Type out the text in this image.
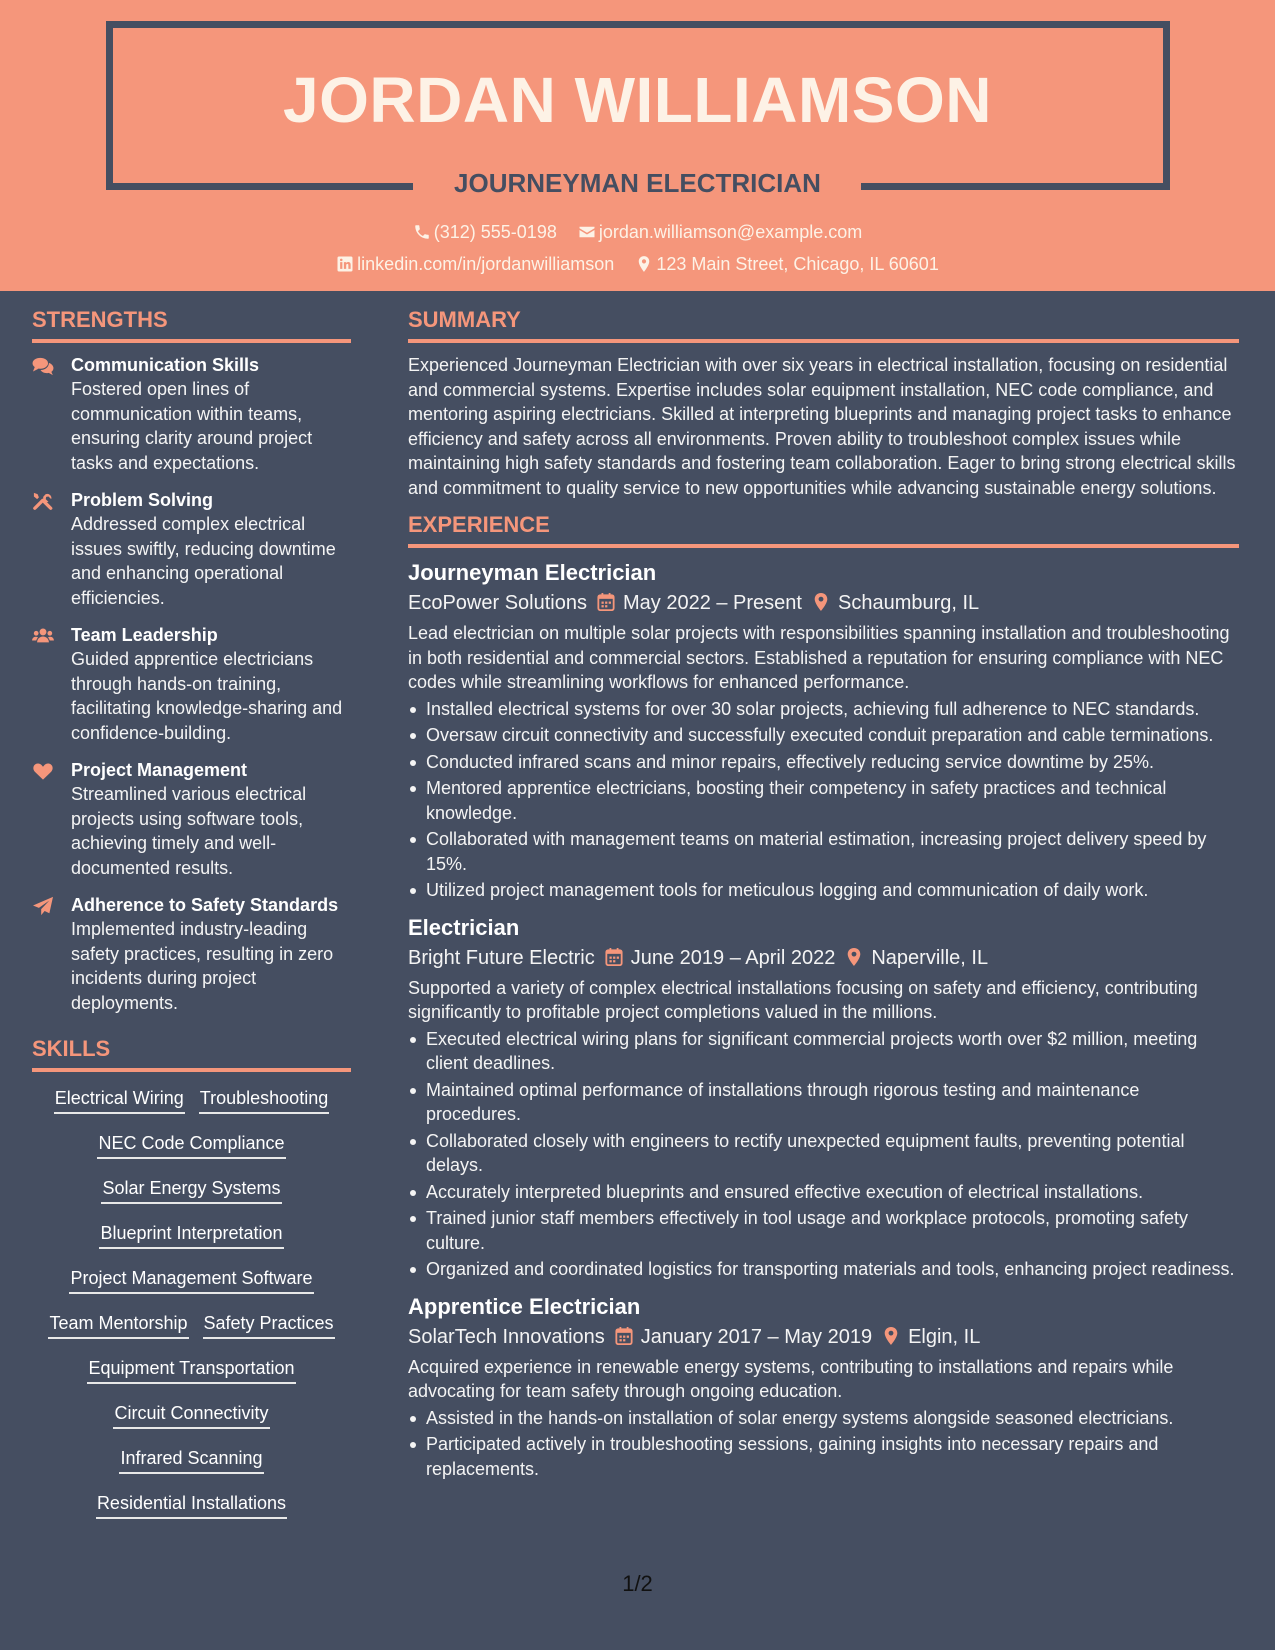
JORDAN WILLIAMSON
JOURNEYMAN ELECTRICIAN
(312) 555-0198 jordan.williamson@example.com
linkedin.com/in/jordanwilliamson 123 Main Street, Chicago, IL 60601
STRENGTHS
Communication Skills
Fostered open lines of communication within teams, ensuring clarity around project tasks and expectations.
Problem Solving
Addressed complex electrical issues swiftly, reducing downtime and enhancing operational efficiencies.
Team Leadership
Guided apprentice electricians through hands-on training, facilitating knowledge-sharing and confidence-building.
Project Management
Streamlined various electrical projects using software tools, achieving timely and well-documented results.
Adherence to Safety Standards
Implemented industry-leading safety practices, resulting in zero incidents during project deployments.
SKILLS
Electrical Wiring Troubleshooting
NEC Code Compliance
Solar Energy Systems
Blueprint Interpretation
Project Management Software
Team Mentorship Safety Practices
Equipment Transportation
Circuit Connectivity
Infrared Scanning
Residential Installations
SUMMARY
Experienced Journeyman Electrician with over six years in electrical installation, focusing on residential and commercial systems. Expertise includes solar equipment installation, NEC code compliance, and mentoring aspiring electricians. Skilled at interpreting blueprints and managing project tasks to enhance efficiency and safety across all environments. Proven ability to troubleshoot complex issues while maintaining high safety standards and fostering team collaboration. Eager to bring strong electrical skills and commitment to quality service to new opportunities while advancing sustainable energy solutions.
EXPERIENCE
Journeyman Electrician
EcoPower Solutions May 2022 – Present Schaumburg, IL
Lead electrician on multiple solar projects with responsibilities spanning installation and troubleshooting in both residential and commercial sectors. Established a reputation for ensuring compliance with NEC codes while streamlining workflows for enhanced performance.
Installed electrical systems for over 30 solar projects, achieving full adherence to NEC standards.
Oversaw circuit connectivity and successfully executed conduit preparation and cable terminations.
Conducted infrared scans and minor repairs, effectively reducing service downtime by 25%.
Mentored apprentice electricians, boosting their competency in safety practices and technical knowledge.
Collaborated with management teams on material estimation, increasing project delivery speed by 15%.
Utilized project management tools for meticulous logging and communication of daily work.
Electrician
Bright Future Electric June 2019 – April 2022 Naperville, IL
Supported a variety of complex electrical installations focusing on safety and efficiency, contributing significantly to profitable project completions valued in the millions.
Executed electrical wiring plans for significant commercial projects worth over $2 million, meeting client deadlines.
Maintained optimal performance of installations through rigorous testing and maintenance procedures.
Collaborated closely with engineers to rectify unexpected equipment faults, preventing potential delays.
Accurately interpreted blueprints and ensured effective execution of electrical installations.
Trained junior staff members effectively in tool usage and workplace protocols, promoting safety culture.
Organized and coordinated logistics for transporting materials and tools, enhancing project readiness.
Apprentice Electrician
SolarTech Innovations January 2017 – May 2019 Elgin, IL
Acquired experience in renewable energy systems, contributing to installations and repairs while advocating for team safety through ongoing education.
Assisted in the hands-on installation of solar energy systems alongside seasoned electricians.
Participated actively in troubleshooting sessions, gaining insights into necessary repairs and replacements.
1/2
